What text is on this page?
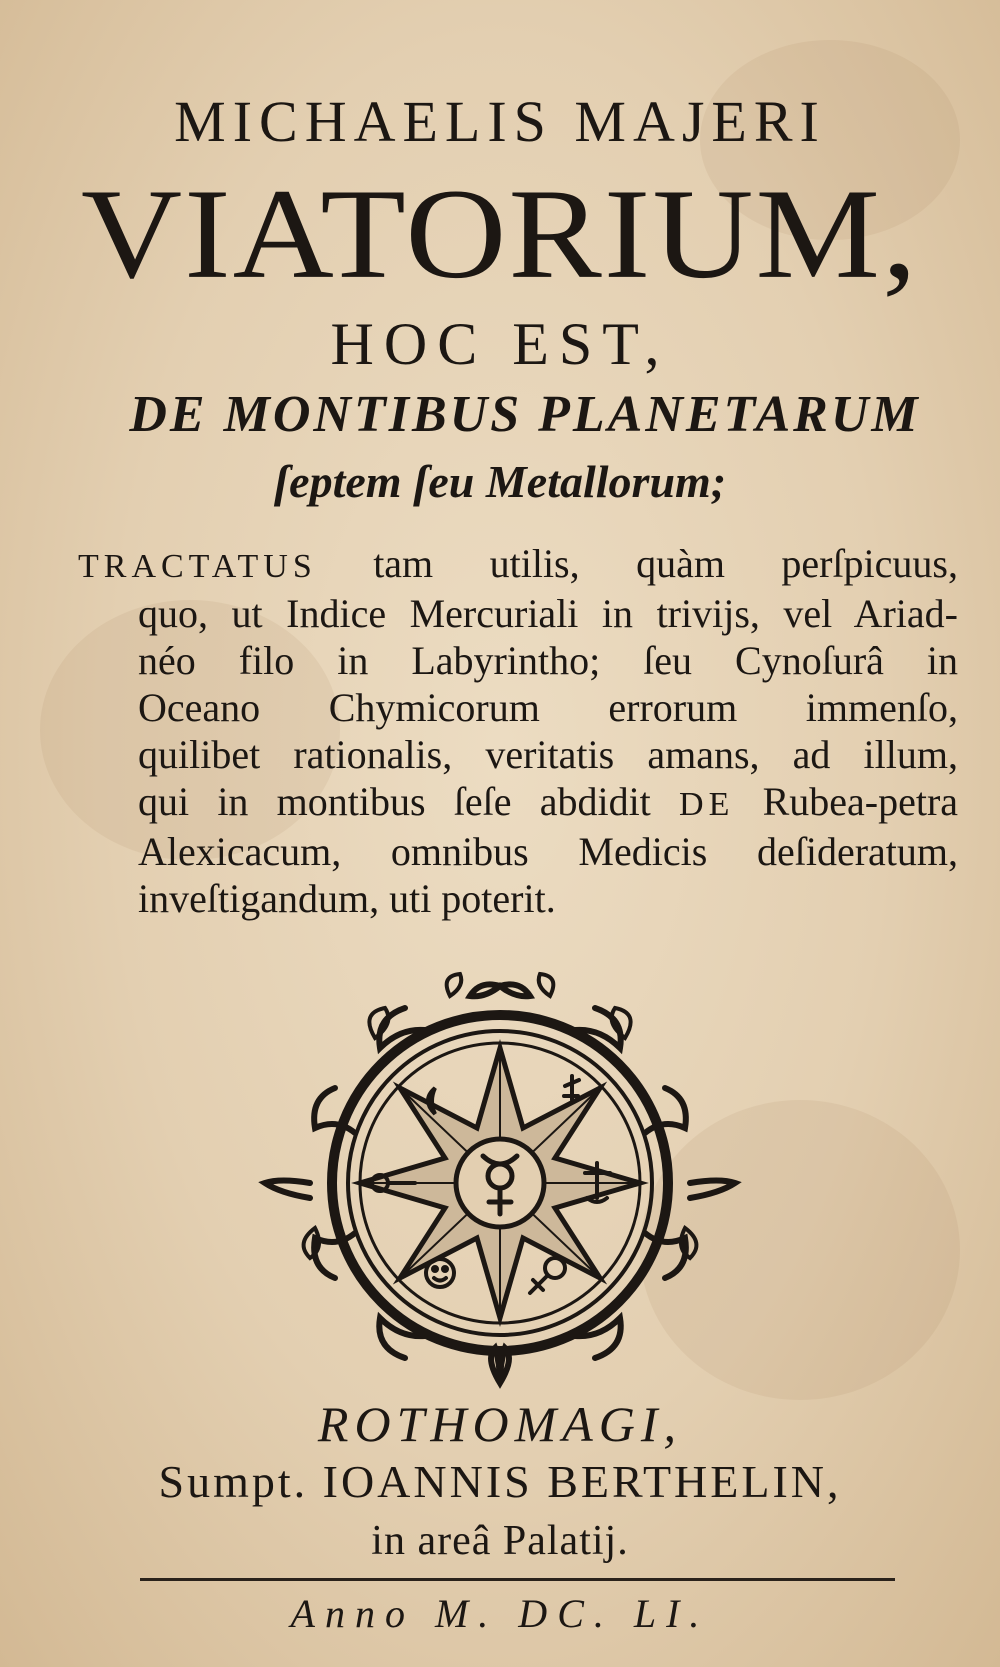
MICHAELIS MAJERI
VIATORIUM,
HOC EST,
DE MONTIBUS PLANETARUM
ſeptem ſeu Metallorum;
TRACTATUS tam utilis, quàm perſpicuus,
quo, ut Indice Mercuriali in trivijs, vel Ariad-
néo filo in Labyrintho; ſeu Cynoſurâ in
Oceano Chymicorum errorum immenſo,
quilibet rationalis, veritatis amans, ad illum,
qui in montibus ſeſe abdidit DE Rubea-petra
Alexicacum, omnibus Medicis deſideratum,
inveſtigandum, uti poterit.
ROTHOMAGI,
Sumpt. IOANNIS BERTHELIN,
in areâ Palatij.
Anno M. DC. LI.
